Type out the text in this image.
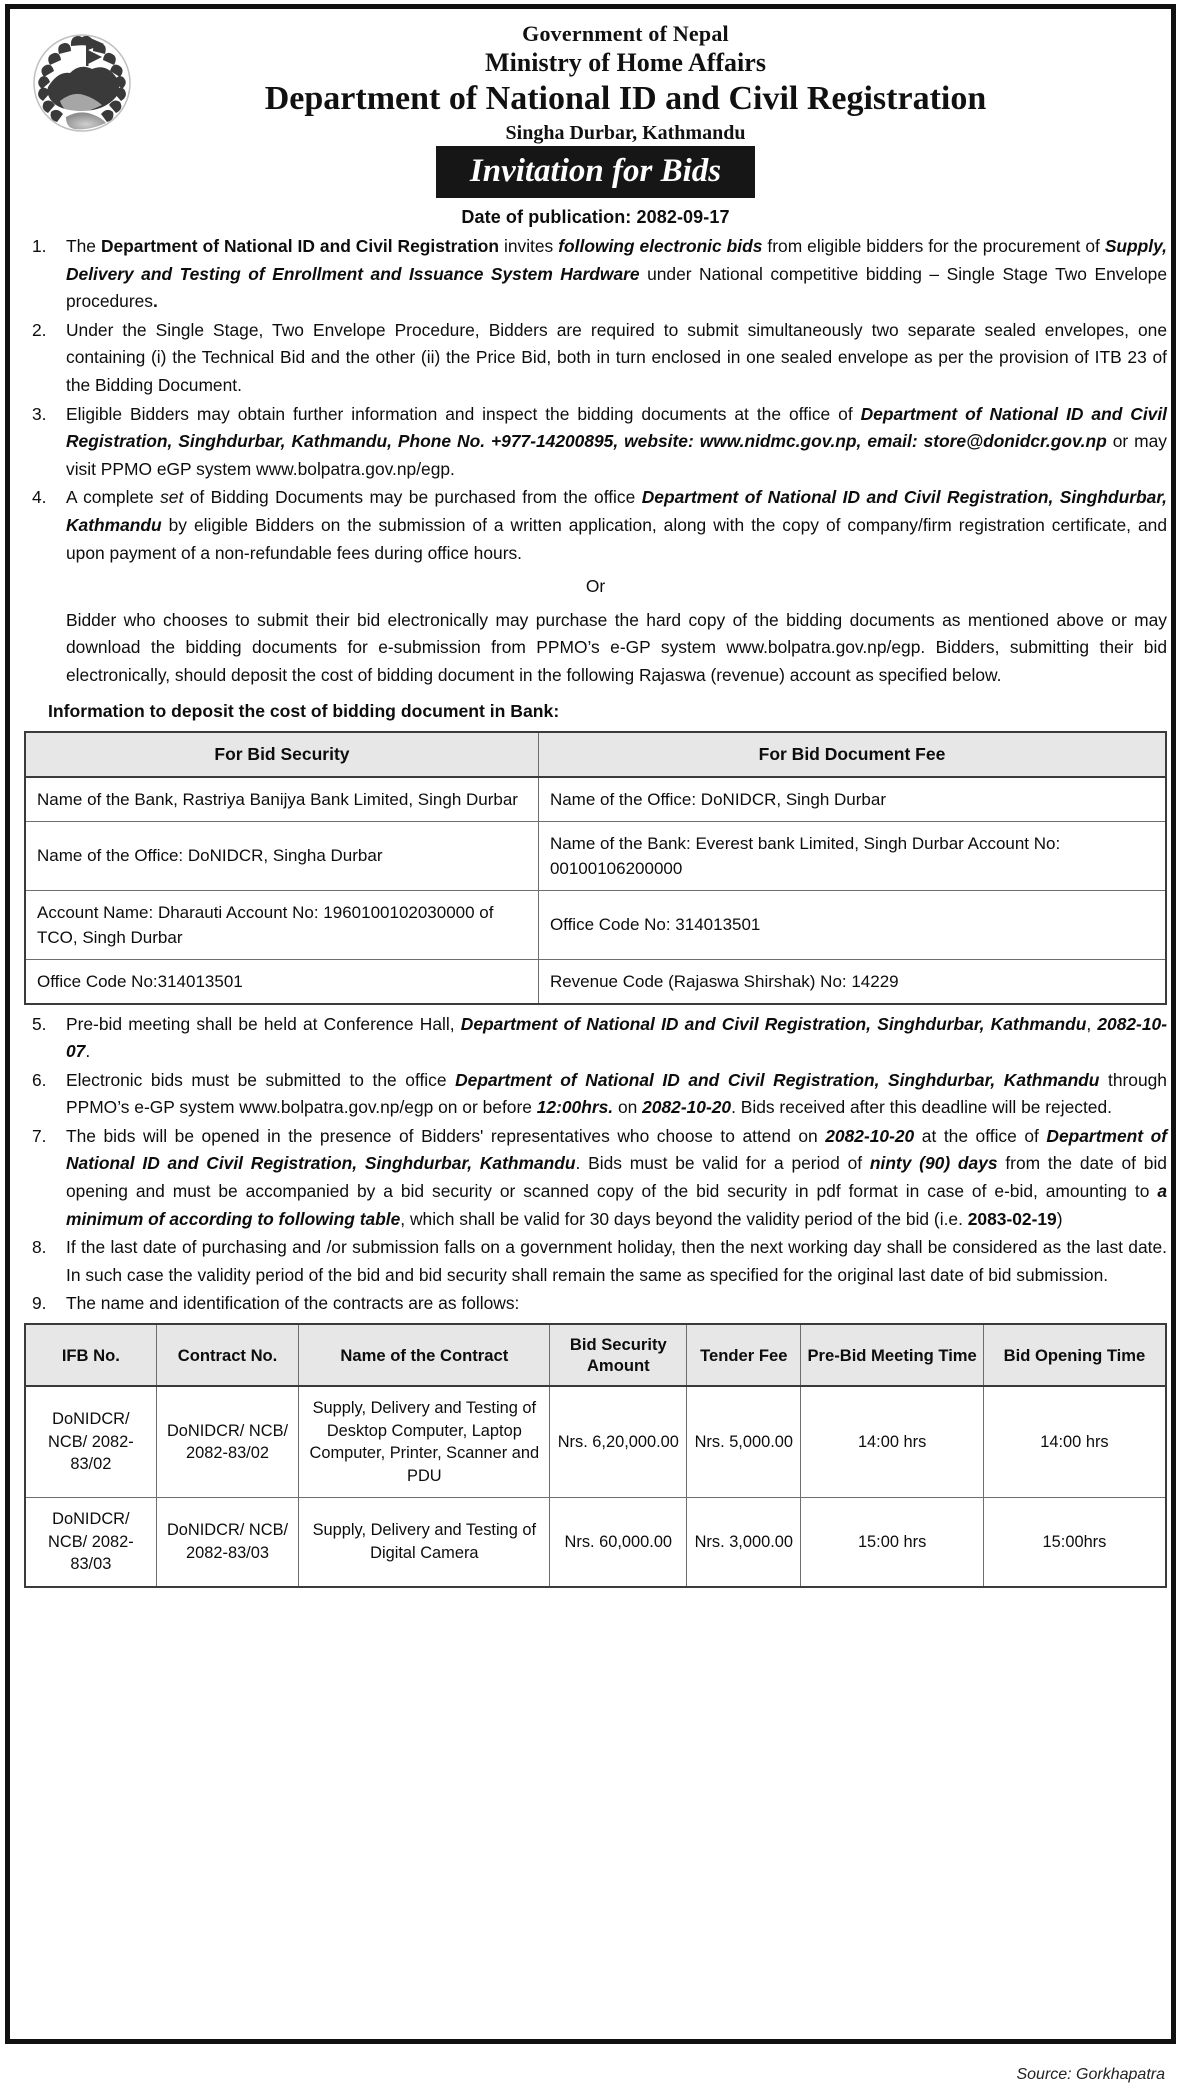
Government of Nepal
Ministry of Home Affairs
Department of National ID and Civil Registration
Singha Durbar, Kathmandu
Invitation for Bids
Date of publication: 2082-09-17
1.	The Department of National ID and Civil Registration invites following electronic bids from eligible bidders for the procurement of Supply, Delivery and Testing of Enrollment and Issuance System Hardware under National competitive bidding – Single Stage Two Envelope procedures.
2.	Under the Single Stage, Two Envelope Procedure, Bidders are required to submit simultaneously two separate sealed envelopes, one containing (i) the Technical Bid and the other (ii) the Price Bid, both in turn enclosed in one sealed envelope as per the provision of ITB 23 of the Bidding Document.
3.	Eligible Bidders may obtain further information and inspect the bidding documents at the office of Department of National ID and Civil Registration, Singhdurbar, Kathmandu, Phone No. +977-14200895, website: www.nidmc.gov.np, email: store@donidcr.gov.np or may visit PPMO eGP system www.bolpatra.gov.np/egp.
4.	A complete set of Bidding Documents may be purchased from the office Department of National ID and Civil Registration, Singhdurbar, Kathmandu by eligible Bidders on the submission of a written application, along with the copy of company/firm registration certificate, and upon payment of a non-refundable fees during office hours.
Or
Bidder who chooses to submit their bid electronically may purchase the hard copy of the bidding documents as mentioned above or may download the bidding documents for e-submission from PPMO’s e-GP system www.bolpatra.gov.np/egp. Bidders, submitting their bid electronically, should deposit the cost of bidding document in the following Rajaswa (revenue) account as specified below.
Information to deposit the cost of bidding document in Bank:
For Bid Security	For Bid Document Fee
Name of the Bank, Rastriya Banijya Bank Limited, Singh Durbar	Name of the Office: DoNIDCR, Singh Durbar
Name of the Office: DoNIDCR, Singha Durbar	Name of the Bank: Everest bank Limited, Singh Durbar Account No: 00100106200000
Account Name: Dharauti Account No: 1960100102030000 of TCO, Singh Durbar	Office Code No: 314013501
Office Code No:314013501	Revenue Code (Rajaswa Shirshak) No: 14229
5.	Pre-bid meeting shall be held at Conference Hall, Department of National ID and Civil Registration, Singhdurbar, Kathmandu, 2082-10-07.
6.	Electronic bids must be submitted to the office Department of National ID and Civil Registration, Singhdurbar, Kathmandu through PPMO’s e-GP system www.bolpatra.gov.np/egp on or before 12:00hrs. on 2082-10-20. Bids received after this deadline will be rejected.
7.	The bids will be opened in the presence of Bidders' representatives who choose to attend on 2082-10-20 at the office of Department of National ID and Civil Registration, Singhdurbar, Kathmandu. Bids must be valid for a period of ninty (90) days from the date of bid opening and must be accompanied by a bid security or scanned copy of the bid security in pdf format in case of e-bid, amounting to a minimum of according to following table, which shall be valid for 30 days beyond the validity period of the bid (i.e. 2083-02-19)
8.	If the last date of purchasing and /or submission falls on a government holiday, then the next working day shall be considered as the last date. In such case the validity period of the bid and bid security shall remain the same as specified for the original last date of bid submission.
9.	The name and identification of the contracts are as follows:
IFB No.	Contract No.	Name of the Contract	Bid Security Amount	Tender Fee	Pre-Bid Meeting Time	Bid Opening Time
DoNIDCR/ NCB/ 2082-83/02	DoNIDCR/ NCB/ 2082-83/02	Supply, Delivery and Testing of Desktop Computer, Laptop Computer, Printer, Scanner and PDU	Nrs. 6,20,000.00	Nrs. 5,000.00	14:00 hrs	14:00 hrs
DoNIDCR/ NCB/ 2082-83/03	DoNIDCR/ NCB/ 2082-83/03	Supply, Delivery and Testing of Digital Camera	Nrs. 60,000.00	Nrs. 3,000.00	15:00 hrs	15:00hrs
Source: Gorkhapatra
